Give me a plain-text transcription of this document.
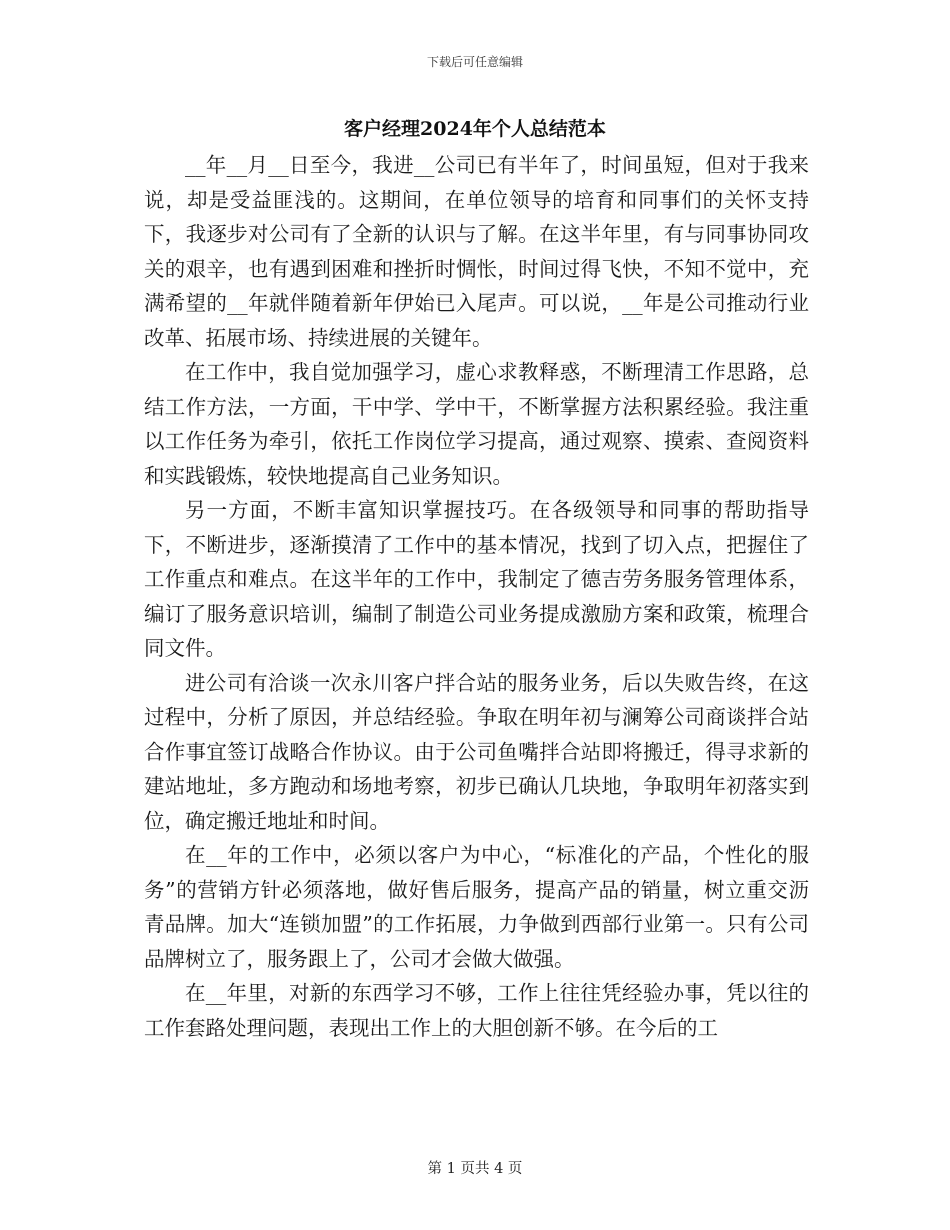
下载后可任意编辑
客户经理2024年个人总结范本

__年__月__日至今，我进__公司已有半年了，时间虽短，但对于我来说，却是受益匪浅的。这期间，在单位领导的培育和同事们的关怀支持下，我逐步对公司有了全新的认识与了解。在这半年里，有与同事协同攻关的艰辛，也有遇到困难和挫折时惆怅，时间过得飞快，不知不觉中，充满希望的__年就伴随着新年伊始已入尾声。可以说，__年是公司推动行业改革、拓展市场、持续进展的关键年。

在工作中，我自觉加强学习，虚心求教释惑，不断理清工作思路，总结工作方法，一方面，干中学、学中干，不断掌握方法积累经验。我注重以工作任务为牵引，依托工作岗位学习提高，通过观察、摸索、查阅资料和实践锻炼，较快地提高自己业务知识。

另一方面，不断丰富知识掌握技巧。在各级领导和同事的帮助指导下，不断进步，逐渐摸清了工作中的基本情况，找到了切入点，把握住了工作重点和难点。在这半年的工作中，我制定了德吉劳务服务管理体系，编订了服务意识培训，编制了制造公司业务提成激励方案和政策，梳理合同文件。

进公司有洽谈一次永川客户拌合站的服务业务，后以失败告终，在这过程中，分析了原因，并总结经验。争取在明年初与澜筹公司商谈拌合站合作事宜签订战略合作协议。由于公司鱼嘴拌合站即将搬迁，得寻求新的建站地址，多方跑动和场地考察，初步已确认几块地，争取明年初落实到位，确定搬迁地址和时间。

在__年的工作中，必须以客户为中心，“标准化的产品，个性化的服务”的营销方针必须落地，做好售后服务，提高产品的销量，树立重交沥青品牌。加大“连锁加盟”的工作拓展，力争做到西部行业第一。只有公司品牌树立了，服务跟上了，公司才会做大做强。

在__年里，对新的东西学习不够，工作上往往凭经验办事，凭以往的工作套路处理问题，表现出工作上的大胆创新不够。在今后的工

第 1 页共 4 页
